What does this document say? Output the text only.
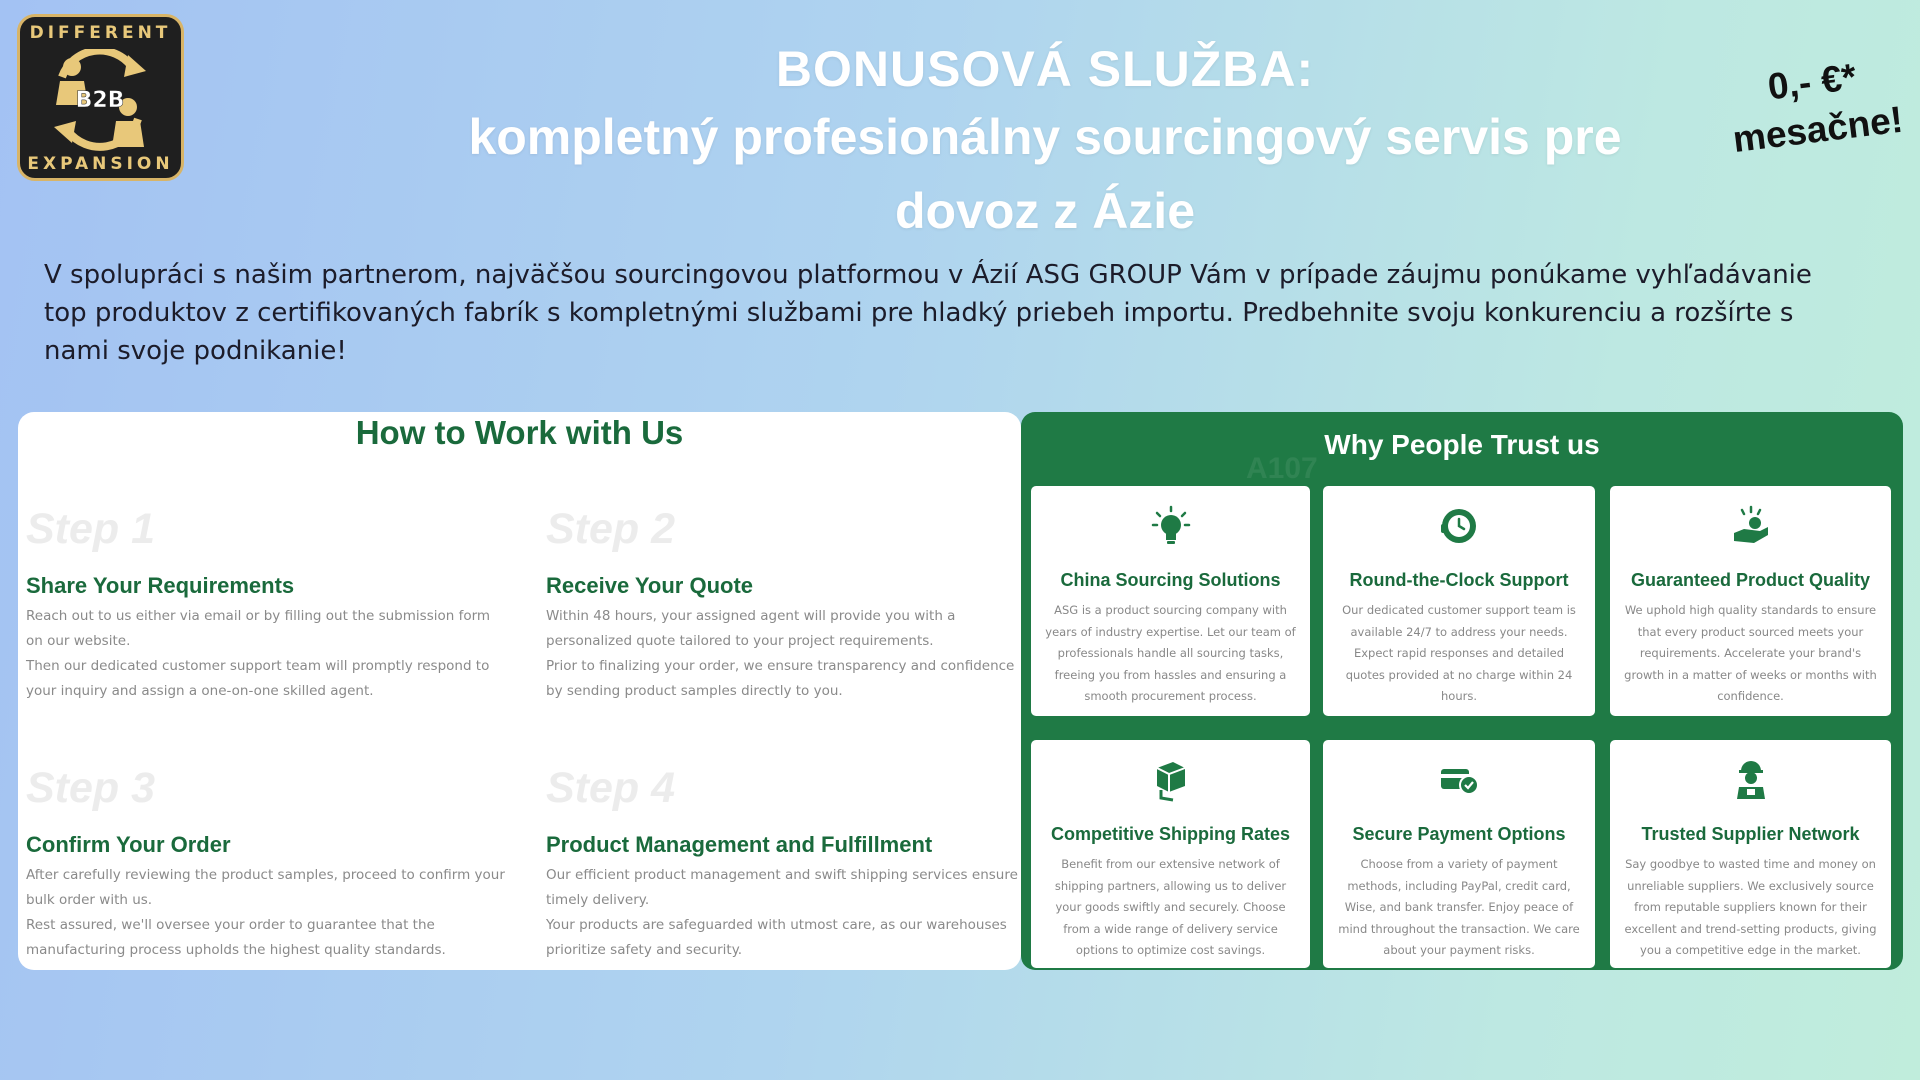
DIFFERENT
B2B
EXPANSION
BONUSOVÁ SLUŽBA:
kompletný profesionálny sourcingový servis pre
dovoz z Ázie
0,- €*
mesačne!
V spolupráci s našim partnerom, najväčšou sourcingovou platformou v Ázií ASG GROUP Vám v prípade záujmu ponúkame vyhľadávanie top produktov z certifikovaných fabrík s kompletnými službami pre hladký priebeh importu. Predbehnite svoju konkurenciu a rozšírte s nami svoje podnikanie!
How to Work with Us
Step 1
Share Your Requirements
Reach out to us either via email or by filling out the submission form on our website.
Then our dedicated customer support team will promptly respond to your inquiry and assign a one-on-one skilled agent.
Step 2
Receive Your Quote
Within 48 hours, your assigned agent will provide you with a personalized quote tailored to your project requirements.
Prior to finalizing your order, we ensure transparency and confidence by sending product samples directly to you.
Step 3
Confirm Your Order
After carefully reviewing the product samples, proceed to confirm your bulk order with us.
Rest assured, we'll oversee your order to guarantee that the manufacturing process upholds the highest quality standards.
Step 4
Product Management and Fulfillment
Our efficient product management and swift shipping services ensure timely delivery.
Your products are safeguarded with utmost care, as our warehouses prioritize safety and security.
A107
Why People Trust us
China Sourcing Solutions
ASG is a product sourcing company with years of industry expertise. Let our team of professionals handle all sourcing tasks, freeing you from hassles and ensuring a smooth procurement process.
Round-the-Clock Support
Our dedicated customer support team is available 24/7 to address your needs. Expect rapid responses and detailed quotes provided at no charge within 24 hours.
Guaranteed Product Quality
We uphold high quality standards to ensure that every product sourced meets your requirements. Accelerate your brand's growth in a matter of weeks or months with confidence.
Competitive Shipping Rates
Benefit from our extensive network of shipping partners, allowing us to deliver your goods swiftly and securely. Choose from a wide range of delivery service options to optimize cost savings.
Secure Payment Options
Choose from a variety of payment methods, including PayPal, credit card, Wise, and bank transfer. Enjoy peace of mind throughout the transaction. We care about your payment risks.
Trusted Supplier Network
Say goodbye to wasted time and money on unreliable suppliers. We exclusively source from reputable suppliers known for their excellent and trend-setting products, giving you a competitive edge in the market.
